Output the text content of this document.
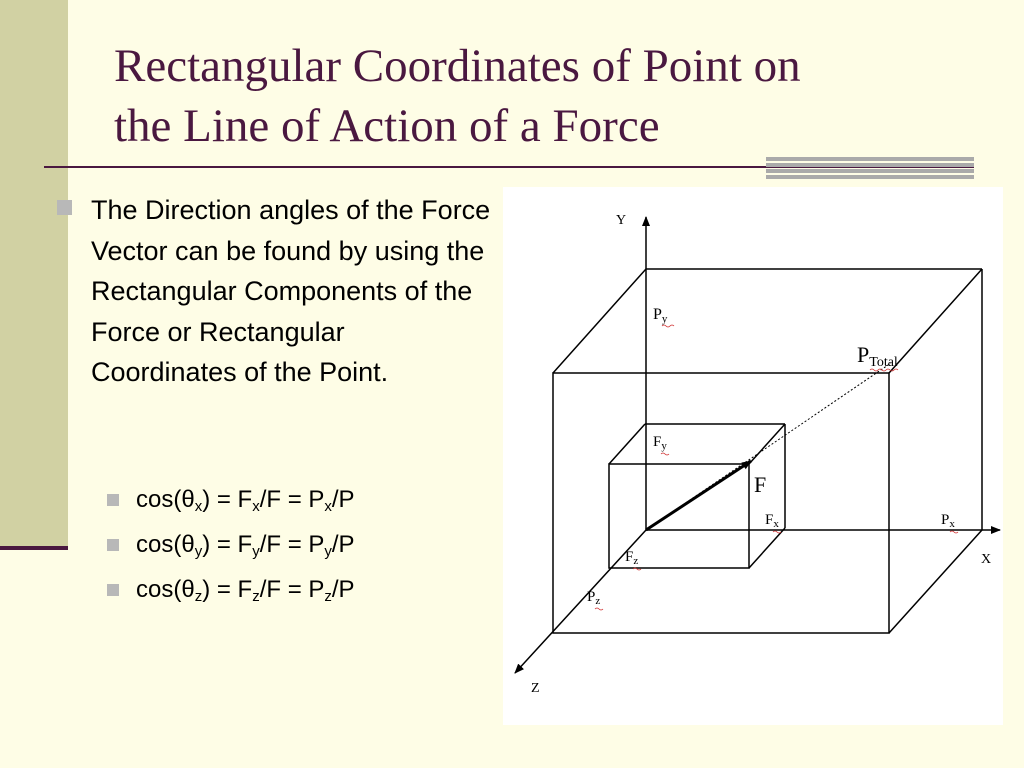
Rectangular Coordinates of Point on
the Line of Action of a Force
The Direction angles of the Force Vector can be found by using the Rectangular Components of the Force or Rectangular Coordinates of the Point.
$\cos(\theta_x) = F_x/F = P_x/P$
$\cos(\theta_y) = F_y/F = P_y/P$
$\cos(\theta_z) = F_z/F = P_z/P$
Y
X
Z
Py
PTotal
$F_y$
F
$F_x$	$P_x$
$F_z$
$P_z$
